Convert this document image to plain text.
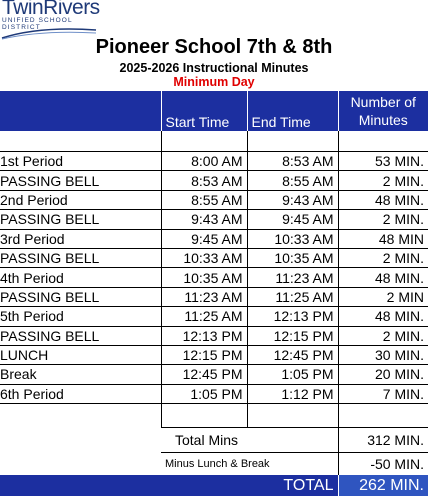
TwinRivers
UNIFIED SCHOOL DISTRICT
Pioneer School 7th & 8th
2025-2026 Instructional Minutes
Minimum Day
	Start Time	End Time	Number of Minutes

1st Period	8:00 AM	8:53 AM	53 MIN.
PASSING BELL	8:53 AM	8:55 AM	2 MIN.
2nd Period	8:55 AM	9:43 AM	48 MIN.
PASSING BELL	9:43 AM	9:45 AM	2 MIN.
3rd Period	9:45 AM	10:33 AM	48 MIN
PASSING BELL	10:33 AM	10:35 AM	2 MIN.
4th Period	10:35 AM	11:23 AM	48 MIN.
PASSING BELL	11:23 AM	11:25 AM	2 MIN
5th Period	11:25 AM	12:13 PM	48 MIN.
PASSING BELL	12:13 PM	12:15 PM	2 MIN.
LUNCH	12:15 PM	12:45 PM	30 MIN.
Break	12:45 PM	1:05 PM	20 MIN.
6th Period	1:05 PM	1:12 PM	7 MIN.

	Total Mins		312 MIN.
	Minus Lunch & Break		-50 MIN.
		TOTAL	262 MIN.
